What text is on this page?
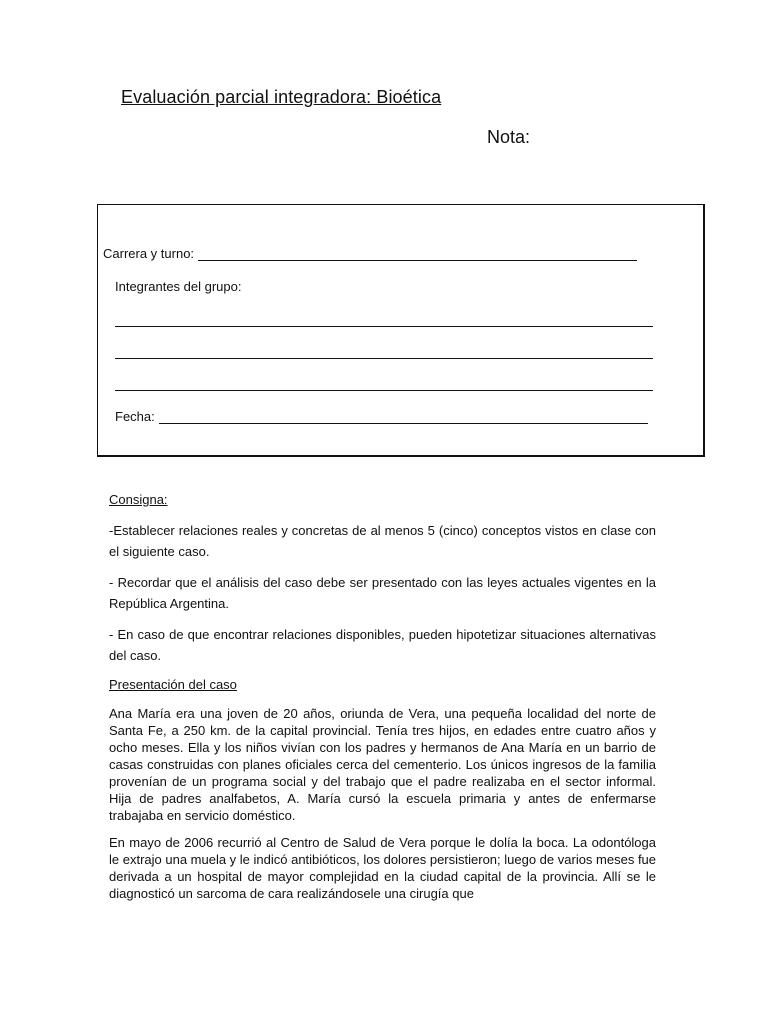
Evaluación parcial integradora: Bioética
Nota:
Carrera y turno:
Integrantes del grupo:
Fecha:

Consigna:

-Establecer relaciones reales y concretas de al menos 5 (cinco) conceptos vistos en clase con el siguiente caso.

- Recordar que el análisis del caso debe ser presentado con las leyes actuales vigentes en la República Argentina.

- En caso de que encontrar relaciones disponibles, pueden hipotetizar situaciones alternativas del caso.

Presentación del caso

Ana María era una joven de 20 años, oriunda de Vera, una pequeña localidad del norte de Santa Fe, a 250 km. de la capital provincial. Tenía tres hijos, en edades entre cuatro años y ocho meses. Ella y los niños vivían con los padres y hermanos de Ana María en un barrio de casas construidas con planes oficiales cerca del cementerio. Los únicos ingresos de la familia provenían de un programa social y del trabajo que el padre realizaba en el sector informal. Hija de padres analfabetos, A. María cursó la escuela primaria y antes de enfermarse trabajaba en servicio doméstico.

En mayo de 2006 recurrió al Centro de Salud de Vera porque le dolía la boca. La odontóloga le extrajo una muela y le indicó antibióticos, los dolores persistieron; luego de varios meses fue derivada a un hospital de mayor complejidad en la ciudad capital de la provincia. Allí se le diagnosticó un sarcoma de cara realizándosele una cirugía que
